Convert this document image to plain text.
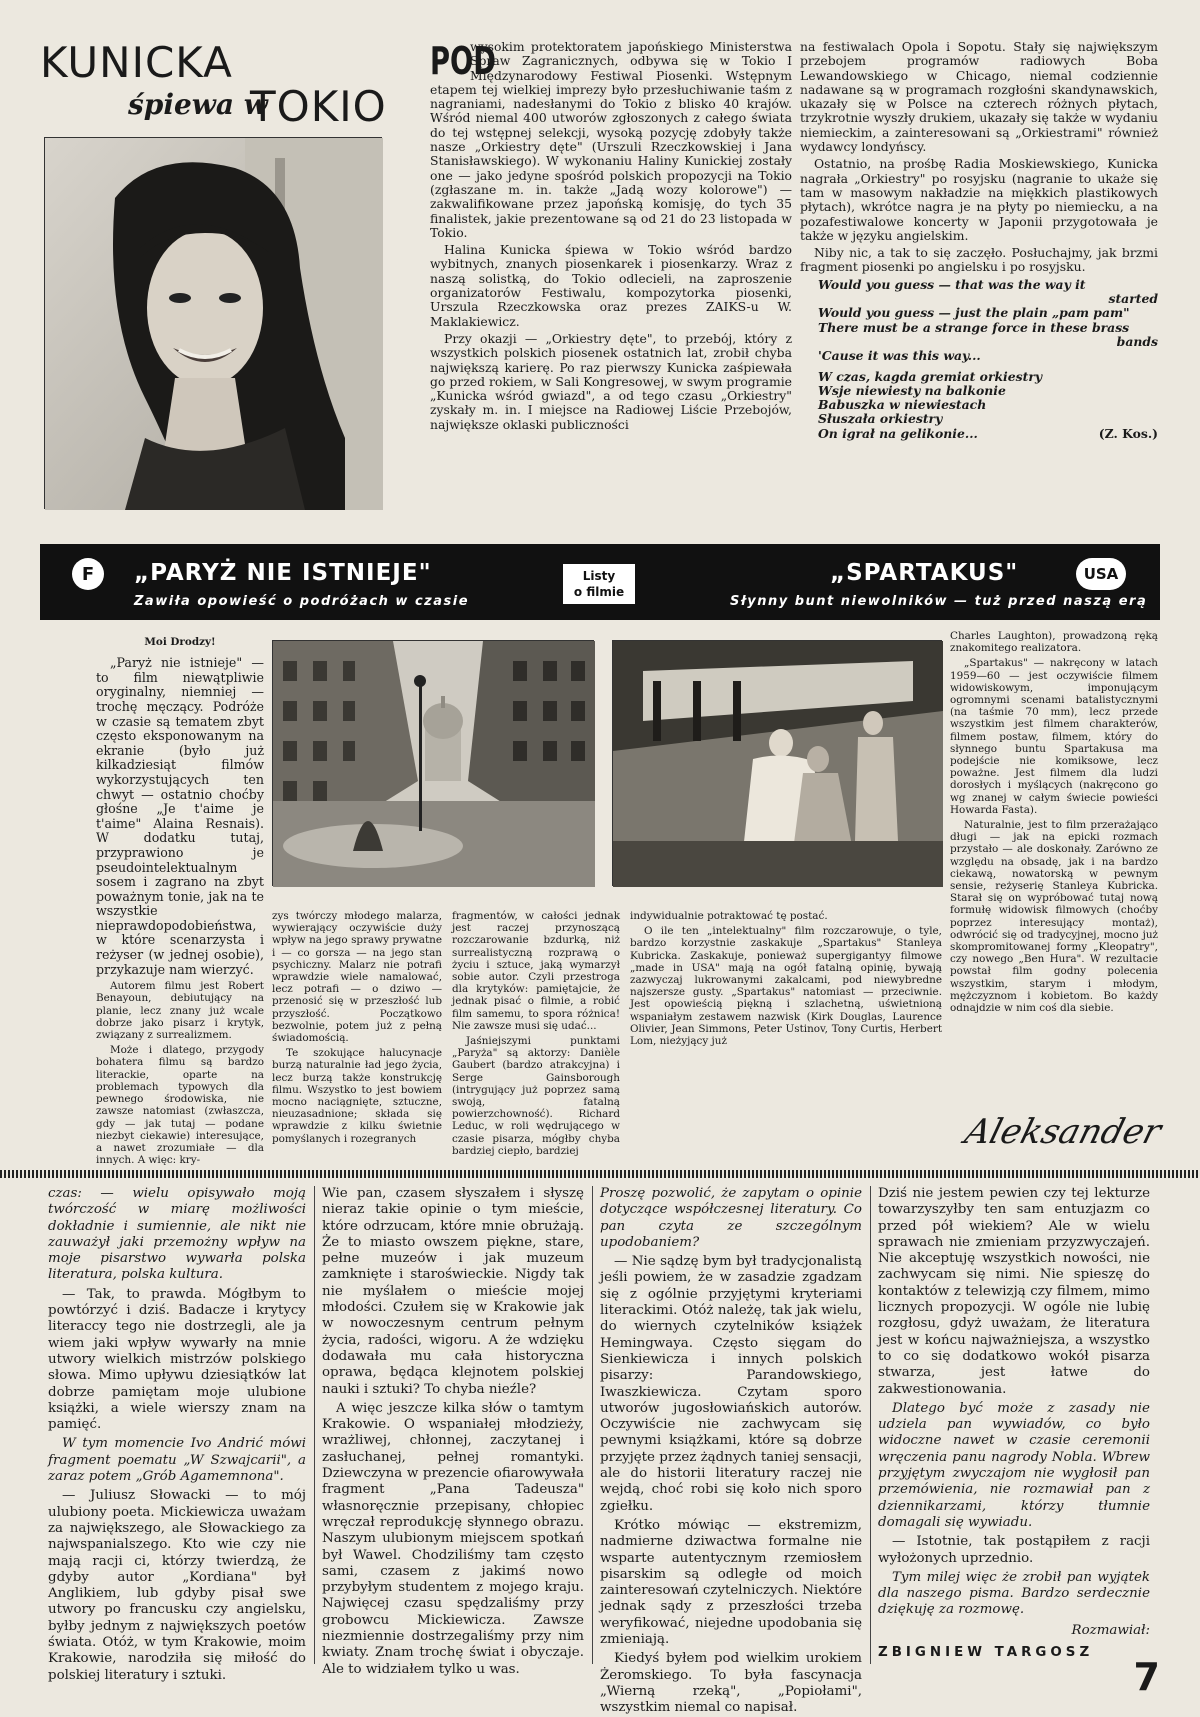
KUNICKA
śpiewa w
TOKIO

POD
wysokim protektoratem japońskiego Ministerstwa Spraw Zagranicznych, odbywa się w Tokio I Międzynarodowy Festiwal Piosenki. Wstępnym etapem tej wielkiej imprezy było przesłuchiwanie taśm z nagraniami, nadesłanymi do Tokio z blisko 40 krajów. Wśród niemal 400 utworów zgłoszonych z całego świata do tej wstępnej selekcji, wysoką pozycję zdobyły także nasze „Orkiestry dęte" (Urszuli Rzeczkowskiej i Jana Stanisławskiego). W wykonaniu Haliny Kunickiej zostały one — jako jedyne spośród polskich propozycji na Tokio (zgłaszane m. in. także „Jadą wozy kolorowe") — zakwalifikowane przez japońską komisję, do tych 35 finalistek, jakie prezentowane są od 21 do 23 listopada w Tokio.

Halina Kunicka śpiewa w Tokio wśród bardzo wybitnych, znanych piosenkarek i piosenkarzy. Wraz z naszą solistką, do Tokio odlecieli, na zaproszenie organizatorów Festiwalu, kompozytorka piosenki, Urszula Rzeczkowska oraz prezes ZAIKS-u W. Maklakiewicz.

Przy okazji — „Orkiestry dęte", to przebój, który z wszystkich polskich piosenek ostatnich lat, zrobił chyba największą karierę. Po raz pierwszy Kunicka zaśpiewała go przed rokiem, w Sali Kongresowej, w swym programie „Kunicka wśród gwiazd", a od tego czasu „Orkiestry" zyskały m. in. I miejsce na Radiowej Liście Przebojów, największe oklaski publiczności

na festiwalach Opola i Sopotu. Stały się największym przebojem programów radiowych Boba Lewandowskiego w Chicago, niemal codziennie nadawane są w programach rozgłośni skandynawskich, ukazały się w Polsce na czterech różnych płytach, trzykrotnie wyszły drukiem, ukazały się także w wydaniu niemieckim, a zainteresowani są „Orkiestrami" również wydawcy londyńscy.

Ostatnio, na prośbę Radia Moskiewskiego, Kunicka nagrała „Orkiestry" po rosyjsku (nagranie to ukaże się tam w masowym nakładzie na miękkich plastikowych płytach), wkrótce nagra je na płyty po niemiecku, a na pozafestiwalowe koncerty w Japonii przygotowała je także w języku angielskim.

Niby nic, a tak to się zaczęło. Posłuchajmy, jak brzmi fragment piosenki po angielsku i po rosyjsku.

Would you guess — that was the way it
started
Would you guess — just the plain „pam pam"
There must be a strange force in these brass
bands
'Cause it was this way...
W czas, kagda gremiat orkiestry
Wsje niewiesty na balkonie
Babuszka w niewiestach
Słuszała orkiestry
On igrał na gelikonie...	(Z. Kos.)
F	„PARYŻ NIE ISTNIEJE"
Zawiła opowieść o podróżach w czasie
Listy
o filmie
„SPARTAKUS"
Słynny bunt niewolników — tuż przed naszą erą
USA

Moi Drodzy!

„Paryż nie istnieje" — to film niewątpliwie oryginalny, niemniej — trochę męczący. Podróże w czasie są tematem zbyt często eksponowanym na ekranie (było już kilkadziesiąt filmów wykorzystujących ten chwyt — ostatnio choćby głośne „Je t'aime je t'aime" Alaina Resnais). W dodatku tutaj, przyprawiono je pseudointelektualnym sosem i zagrano na zbyt poważnym tonie, jak na te wszystkie nieprawdopodobieństwa, w które scenarzysta i reżyser (w jednej osobie), przykazuje nam wierzyć.

Autorem filmu jest Robert Benayoun, debiutujący na planie, lecz znany już wcale dobrze jako pisarz i krytyk, związany z surrealizmem.

Może i dlatego, przygody bohatera filmu są bardzo literackie, oparte na problemach typowych dla pewnego środowiska, nie zawsze natomiast (zwłaszcza, gdy — jak tutaj — podane niezbyt ciekawie) interesujące, a nawet zrozumiałe — dla innych. A więc: kry-

zys twórczy młodego malarza, wywierający oczywiście duży wpływ na jego sprawy prywatne i — co gorsza — na jego stan psychiczny. Malarz nie potrafi wprawdzie wiele namalować, lecz potrafi — o dziwo — przenosić się w przeszłość lub przyszłość. Początkowo bezwolnie, potem już z pełną świadomością.

Te szokujące halucynacje burzą naturalnie ład jego życia, lecz burzą także konstrukcję filmu. Wszystko to jest bowiem mocno naciągnięte, sztuczne, nieuzasadnione; składa się wprawdzie z kilku świetnie pomyślanych i rozegranych

fragmentów, w całości jednak jest raczej przynoszącą rozczarowanie bzdurką, niż surrealistyczną rozprawą o życiu i sztuce, jaką wymarzył sobie autor. Czyli przestroga dla krytyków: pamiętajcie, że jednak pisać o filmie, a robić film samemu, to spora różnica! Nie zawsze musi się udać...

Jaśniejszymi punktami „Paryża" są aktorzy: Danièle Gaubert (bardzo atrakcyjna) i Serge Gainsborough (intrygujący już poprzez samą swoją, fatalną powierzchowność). Richard Leduc, w roli wędrującego w czasie pisarza, mógłby chyba bardziej ciepło, bardziej

indywidualnie potraktować tę postać.

O ile ten „intelektualny" film rozczarowuje, o tyle, bardzo korzystnie zaskakuje „Spartakus" Stanleya Kubricka. Zaskakuje, ponieważ supergigantyy filmowe „made in USA" mają na ogół fatalną opinię, bywają zazwyczaj lukrowanymi zakalcami, pod niewybredne najszersze gusty. „Spartakus" natomiast — przeciwnie. Jest opowieścią piękną i szlachetną, uświetnioną wspaniałym zestawem nazwisk (Kirk Douglas, Laurence Olivier, Jean Simmons, Peter Ustinov, Tony Curtis, Herbert Lom, nieżyjący już

Charles Laughton), prowadzoną ręką znakomitego realizatora.

„Spartakus" — nakręcony w latach 1959—60 — jest oczywiście filmem widowiskowym, imponującym ogromnymi scenami batalistycznymi (na taśmie 70 mm), lecz przede wszystkim jest filmem charakterów, filmem postaw, filmem, który do słynnego buntu Spartakusa ma podejście nie komiksowe, lecz poważne. Jest filmem dla ludzi dorosłych i myślących (nakręcono go wg znanej w całym świecie powieści Howarda Fasta).

Naturalnie, jest to film przerażająco długi — jak na epicki rozmach przystało — ale doskonały. Zarówno ze względu na obsadę, jak i na bardzo ciekawą, nowatorską w pewnym sensie, reżyserię Stanleya Kubricka. Starał się on wypróbować tutaj nową formułę widowisk filmowych (choćby poprzez interesujący montaż), odwrócić się od tradycyjnej, mocno już skompromitowanej formy „Kleopatry", czy nowego „Ben Hura". W rezultacie powstał film godny polecenia wszystkim, starym i młodym, mężczyznom i kobietom. Bo każdy odnajdzie w nim coś dla siebie.

Aleksander

czas: — wielu opisywało moją twórczość w miarę możliwości dokładnie i sumiennie, ale nikt nie zauważył jaki przemożny wpływ na moje pisarstwo wywarła polska literatura, polska kultura.

— Tak, to prawda. Mógłbym to powtórzyć i dziś. Badacze i krytycy literaccy tego nie dostrzegli, ale ja wiem jaki wpływ wywarły na mnie utwory wielkich mistrzów polskiego słowa. Mimo upływu dziesiątków lat dobrze pamiętam moje ulubione książki, a wiele wierszy znam na pamięć.

W tym momencie Ivo Andrić mówi fragment poematu „W Szwajcarii", a zaraz potem „Grób Agamemnona".

— Juliusz Słowacki — to mój ulubiony poeta. Mickiewicza uważam za największego, ale Słowackiego za najwspanialszego. Kto wie czy nie mają racji ci, którzy twierdzą, że gdyby autor „Kordiana" był Anglikiem, lub gdyby pisał swe utwory po francusku czy angielsku, byłby jednym z największych poetów świata. Otóż, w tym Krakowie, moim Krakowie, narodziła się miłość do polskiej literatury i sztuki.

Wie pan, czasem słyszałem i słyszę nieraz takie opinie o tym mieście, które odrzucam, które mnie obrużają. Że to miasto owszem piękne, stare, pełne muzeów i jak muzeum zamknięte i staroświeckie. Nigdy tak nie myślałem o mieście mojej młodości. Czułem się w Krakowie jak w nowoczesnym centrum pełnym życia, radości, wigoru. A że wdzięku dodawała mu cała historyczna oprawa, będąca klejnotem polskiej nauki i sztuki? To chyba nieźle?

A więc jeszcze kilka słów o tamtym Krakowie. O wspaniałej młodzieży, wrażliwej, chłonnej, zaczytanej i zasłuchanej, pełnej romantyki. Dziewczyna w prezencie ofiarowywała fragment „Pana Tadeusza" własnoręcznie przepisany, chłopiec wręczał reprodukcję słynnego obrazu. Naszym ulubionym miejscem spotkań był Wawel. Chodziliśmy tam często sami, czasem z jakimś nowo przybyłym studentem z mojego kraju. Najwięcej czasu spędzaliśmy przy grobowcu Mickiewicza. Zawsze niezmiennie dostrzegaliśmy przy nim kwiaty. Znam trochę świat i obyczaje. Ale to widziałem tylko u was.

Proszę pozwolić, że zapytam o opinie dotyczące współczesnej literatury. Co pan czyta ze szczególnym upodobaniem?

— Nie sądzę bym był tradycjonalistą jeśli powiem, że w zasadzie zgadzam się z ogólnie przyjętymi kryteriami literackimi. Otóż należę, tak jak wielu, do wiernych czytelników książek Hemingwaya. Często sięgam do Sienkiewicza i innych polskich pisarzy: Parandowskiego, Iwaszkiewicza. Czytam sporo utworów jugosłowiańskich autorów. Oczywiście nie zachwycam się pewnymi książkami, które są dobrze przyjęte przez żądnych taniej sensacji, ale do historii literatury raczej nie wejdą, choć robi się koło nich sporo zgiełku.

Krótko mówiąc — ekstremizm, nadmierne dziwactwa formalne nie wsparte autentycznym rzemiosłem pisarskim są odległe od moich zainteresowań czytelniczych. Niektóre jednak sądy z przeszłości trzeba weryfikować, niejedne upodobania się zmieniają.

Kiedyś byłem pod wielkim urokiem Żeromskiego. To była fascynacja „Wierną rzeką", „Popiołami", wszystkim niemal co napisał.

Dziś nie jestem pewien czy tej lekturze towarzyszyłby ten sam entuzjazm co przed pół wiekiem? Ale w wielu sprawach nie zmieniam przyzwyczajeń. Nie akceptuję wszystkich nowości, nie zachwycam się nimi. Nie spieszę do kontaktów z telewizją czy filmem, mimo licznych propozycji. W ogóle nie lubię rozgłosu, gdyż uważam, że literatura jest w końcu najważniejsza, a wszystko to co się dodatkowo wokół pisarza stwarza, jest łatwe do zakwestionowania.

Dlatego być może z zasady nie udziela pan wywiadów, co było widoczne nawet w czasie ceremonii wręczenia panu nagrody Nobla. Wbrew przyjętym zwyczajom nie wygłosił pan przemówienia, nie rozmawiał pan z dziennikarzami, którzy tłumnie domagali się wywiadu.

— Istotnie, tak postąpiłem z racji wyłożonych uprzednio.

Tym milej więc że zrobił pan wyjątek dla naszego pisma. Bardzo serdecznie dziękuję za rozmowę.

Rozmawiał:

ZBIGNIEW TARGOSZ

7
